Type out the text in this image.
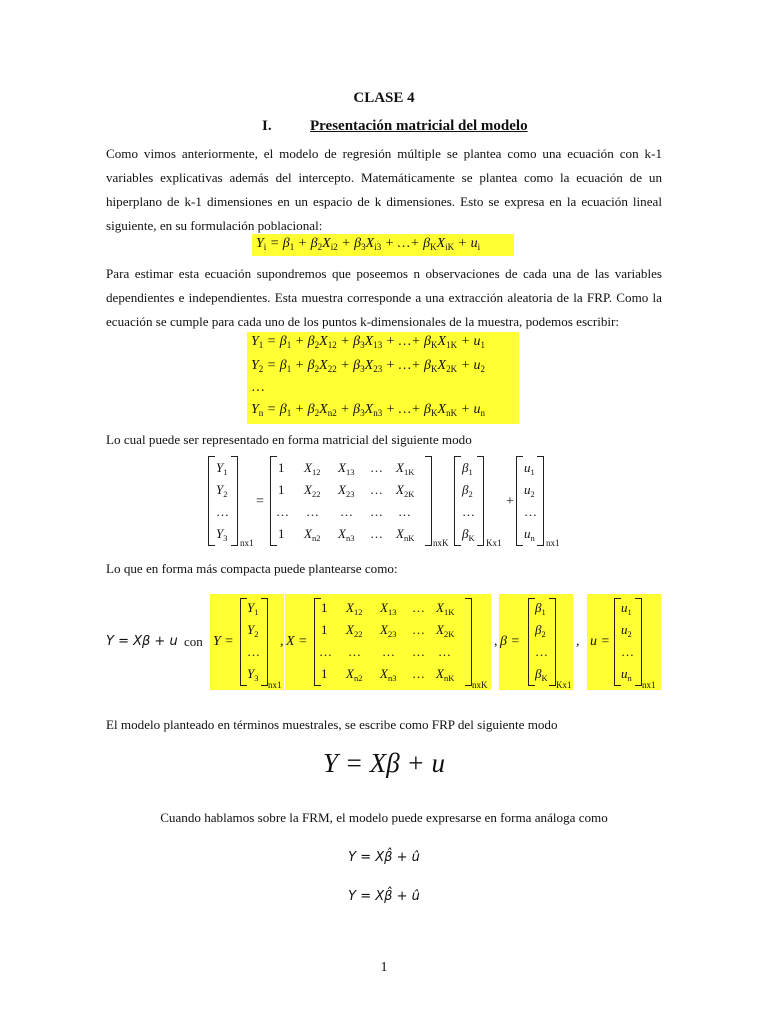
CLASE 4
I.	Presentación matricial del modelo
Como vimos anteriormente, el modelo de regresión múltiple se plantea como una ecuación con k-1 variables explicativas además del intercepto. Matemáticamente se plantea como la ecuación de un hiperplano de k-1 dimensiones en un espacio de k dimensiones. Esto se expresa en la ecuación lineal siguiente, en su formulación poblacional:
$Y_i = \beta_1 + \beta_2X_{i2} + \beta_3X_{i3}$ + …+ $\beta_KX_{iK} + u_i$
Para estimar esta ecuación supondremos que poseemos n observaciones de cada una de las variables dependientes e independientes. Esta muestra corresponde a una extracción aleatoria de la FRP. Como la ecuación se cumple para cada uno de los puntos k-dimensionales de la muestra, podemos escribir:
$Y_1 = \beta_1 + \beta_2X_{12} + \beta_3X_{13}$ + …+ $\beta_KX_{1K} + u_1$
$Y_2 = \beta_1 + \beta_2X_{22} + \beta_3X_{23}$ + …+ $\beta_KX_{2K} + u_2$
…
$Y_n = \beta_1 + \beta_2X_{n2} + \beta_3X_{n3}$ + …+ $\beta_KX_{nK} + u_n$
Lo cual puede ser representado en forma matricial del siguiente modo
$Y_1$
$Y_2$
…
$Y_3$ nx1
=
1 $X_{12}$ $X_{13}$ … $X_{1K}$
1 $X_{22}$ $X_{23}$ … $X_{2K}$
… … … … …
1 $X_{n2}$ $X_{n3}$ … $X_{nK}$ nxK
$\beta_1$
$\beta_2$
…
$\beta_K$ Kx1
+
$u_1$
$u_2$
…
$u_n$ nx1
Lo que en forma más compacta puede plantearse como:
Y = Xβ + u con Y =
$Y_1$
$Y_2$
…
$Y_3$
nx1
, X =
1 $X_{12}$ $X_{13}$ … $X_{1K}$
1 $X_{22}$ $X_{23}$ … $X_{2K}$
… … … … …
1 $X_{n2}$ $X_{n3}$ … $X_{nK}$
nxK
, β =
$\beta_1$
$\beta_2$
…
$\beta_K$
Kx1
, u =
$u_1$
$u_2$
…
$u_n$
nx1
El modelo planteado en términos muestrales, se escribe como FRP del siguiente modo
Y = Xβ + u
Cuando hablamos sobre la FRM, el modelo puede expresarse en forma análoga como
Y = Xβ̂ + û
Y = Xβ̂ + û
1
